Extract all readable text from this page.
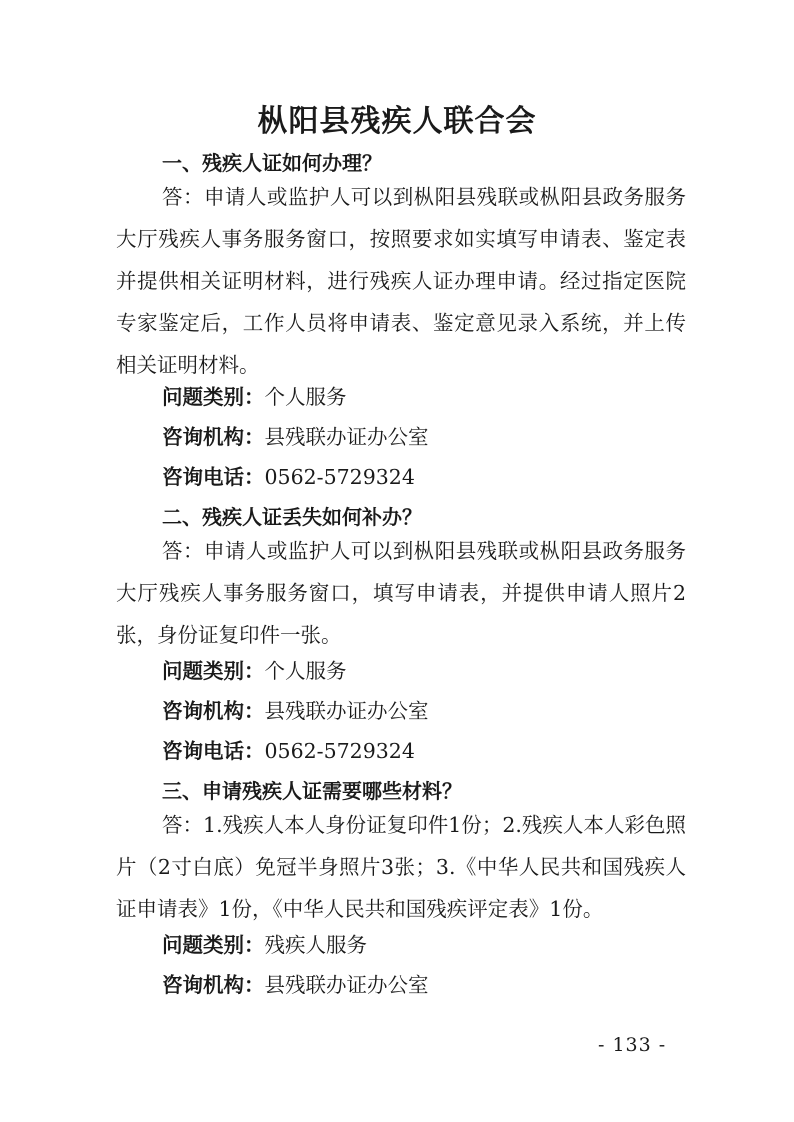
枞阳县残疾人联合会
一、残疾人证如何办理？
答：申请人或监护人可以到枞阳县残联或枞阳县政务服务大厅残疾人事务服务窗口，按照要求如实填写申请表、鉴定表并提供相关证明材料，进行残疾人证办理申请。经过指定医院专家鉴定后，工作人员将申请表、鉴定意见录入系统，并上传相关证明材料。
问题类别：个人服务
咨询机构：县残联办证办公室
咨询电话：0562-5729324
二、残疾人证丢失如何补办？
答：申请人或监护人可以到枞阳县残联或枞阳县政务服务大厅残疾人事务服务窗口，填写申请表，并提供申请人照片2张，身份证复印件一张。
问题类别：个人服务
咨询机构：县残联办证办公室
咨询电话：0562-5729324
三、申请残疾人证需要哪些材料？
答：1.残疾人本人身份证复印件1份；2.残疾人本人彩色照片（2寸白底）免冠半身照片3张；3.《中华人民共和国残疾人证申请表》1份，《中华人民共和国残疾评定表》1份。
问题类别：残疾人服务
咨询机构：县残联办证办公室
- 133 -
